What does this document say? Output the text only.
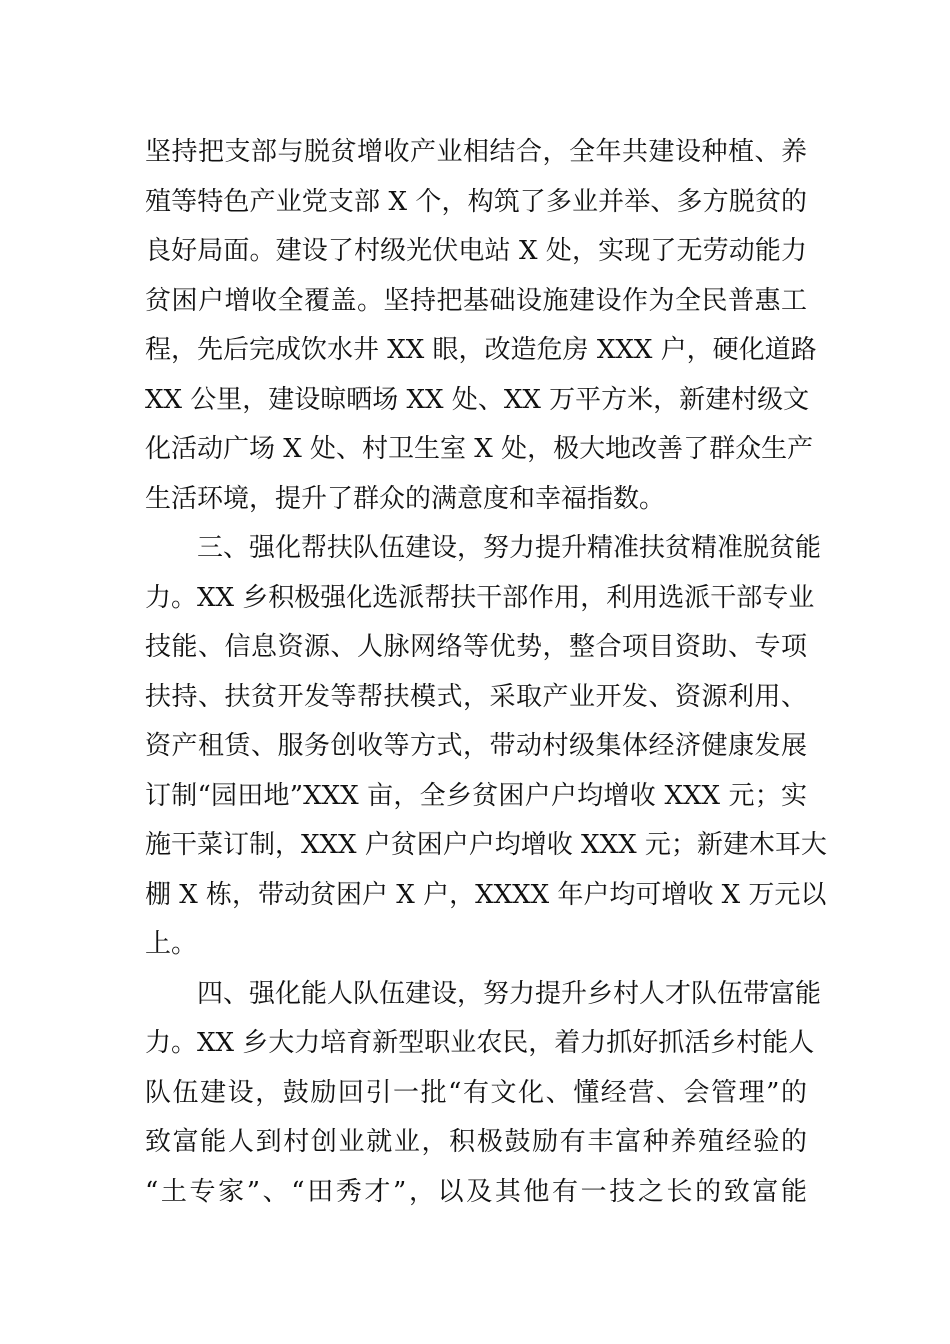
坚持把支部与脱贫增收产业相结合，全年共建设种植、养
殖等特色产业党支部 X 个，构筑了多业并举、多方脱贫的
良好局面。建设了村级光伏电站 X 处，实现了无劳动能力
贫困户增收全覆盖。坚持把基础设施建设作为全民普惠工
程，先后完成饮水井 XX 眼，改造危房 XXX 户，硬化道路
XX 公里，建设晾晒场 XX 处、XX 万平方米，新建村级文
化活动广场 X 处、村卫生室 X 处，极大地改善了群众生产
生活环境，提升了群众的满意度和幸福指数。
三、强化帮扶队伍建设，努力提升精准扶贫精准脱贫能
力。XX 乡积极强化选派帮扶干部作用，利用选派干部专业
技能、信息资源、人脉网络等优势，整合项目资助、专项
扶持、扶贫开发等帮扶模式，采取产业开发、资源利用、
资产租赁、服务创收等方式，带动村级集体经济健康发展
订制“园田地”XXX 亩，全乡贫困户户均增收 XXX 元；实
施干菜订制，XXX 户贫困户户均增收 XXX 元；新建木耳大
棚 X 栋，带动贫困户 X 户，XXXX 年户均可增收 X 万元以
上。
四、强化能人队伍建设，努力提升乡村人才队伍带富能
力。XX 乡大力培育新型职业农民，着力抓好抓活乡村能人
队伍建设，鼓励回引一批“有文化、懂经营、会管理”的
致富能人到村创业就业，积极鼓励有丰富种养殖经验的
“土专家”、“田秀才”，以及其他有一技之长的致富能
